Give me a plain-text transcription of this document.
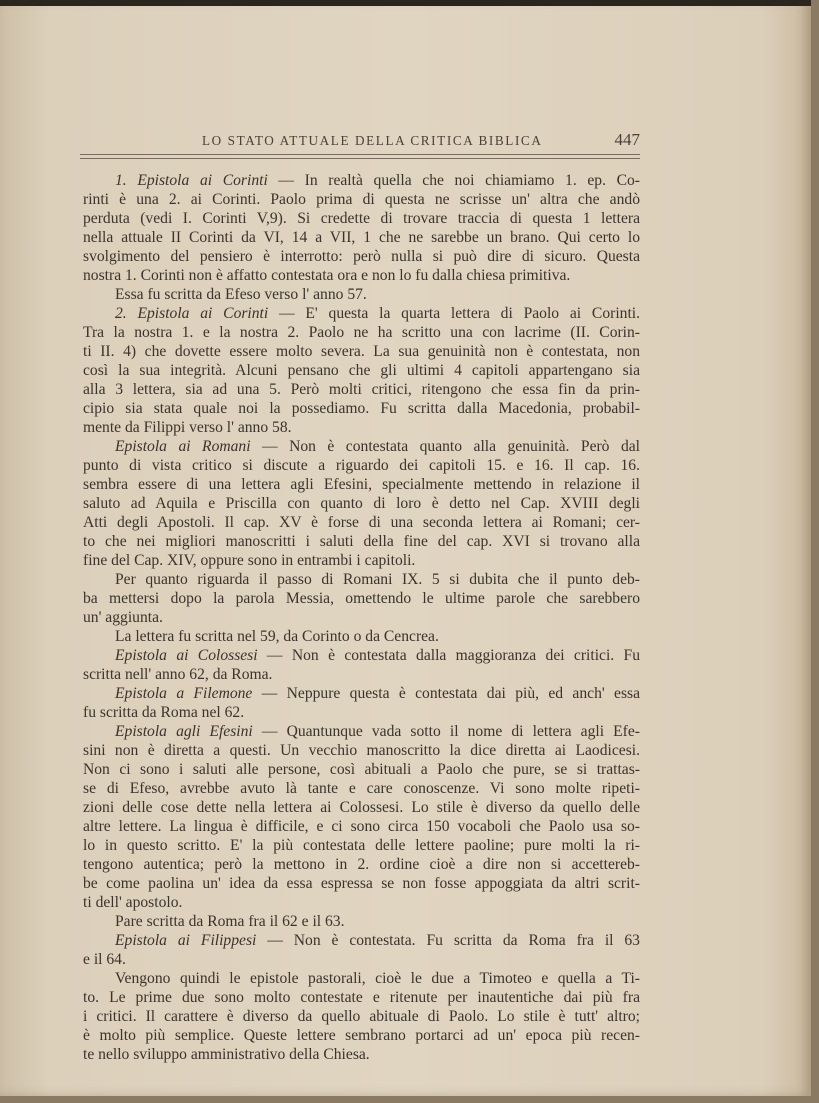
LO STATO ATTUALE DELLA CRITICA BIBLICA	447
1. Epistola ai Corinti — In realtà quella che noi chiamiamo 1. ep. Co-
rinti è una 2. ai Corinti. Paolo prima di questa ne scrisse un' altra che andò
perduta (vedi I. Corinti V,9). Si credette di trovare traccia di questa 1 lettera
nella attuale II Corinti da VI, 14 a VII, 1 che ne sarebbe un brano. Qui certo lo
svolgimento del pensiero è interrotto: però nulla si può dire di sicuro. Questa
nostra 1. Corinti non è affatto contestata ora e non lo fu dalla chiesa primitiva.
Essa fu scritta da Efeso verso l' anno 57.
2. Epistola ai Corinti — E' questa la quarta lettera di Paolo ai Corinti.
Tra la nostra 1. e la nostra 2. Paolo ne ha scritto una con lacrime (II. Corin-
ti II. 4) che dovette essere molto severa. La sua genuinità non è contestata, non
così la sua integrità. Alcuni pensano che gli ultimi 4 capitoli appartengano sia
alla 3 lettera, sia ad una 5. Però molti critici, ritengono che essa fin da prin-
cipio sia stata quale noi la possediamo. Fu scritta dalla Macedonia, probabil-
mente da Filippi verso l' anno 58.
Epistola ai Romani — Non è contestata quanto alla genuinità. Però dal
punto di vista critico si discute a riguardo dei capitoli 15. e 16. Il cap. 16.
sembra essere di una lettera agli Efesini, specialmente mettendo in relazione il
saluto ad Aquila e Priscilla con quanto di loro è detto nel Cap. XVIII degli
Atti degli Apostoli. Il cap. XV è forse di una seconda lettera ai Romani; cer-
to che nei migliori manoscritti i saluti della fine del cap. XVI si trovano alla
fine del Cap. XIV, oppure sono in entrambi i capitoli.
Per quanto riguarda il passo di Romani IX. 5 si dubita che il punto deb-
ba mettersi dopo la parola Messia, omettendo le ultime parole che sarebbero
un' aggiunta.
La lettera fu scritta nel 59, da Corinto o da Cencrea.
Epistola ai Colossesi — Non è contestata dalla maggioranza dei critici. Fu
scritta nell' anno 62, da Roma.
Epistola a Filemone — Neppure questa è contestata dai più, ed anch' essa
fu scritta da Roma nel 62.
Epistola agli Efesini — Quantunque vada sotto il nome di lettera agli Efe-
sini non è diretta a questi. Un vecchio manoscritto la dice diretta ai Laodicesi.
Non ci sono i saluti alle persone, così abituali a Paolo che pure, se si trattas-
se di Efeso, avrebbe avuto là tante e care conoscenze. Vi sono molte ripeti-
zioni delle cose dette nella lettera ai Colossesi. Lo stile è diverso da quello delle
altre lettere. La lingua è difficile, e ci sono circa 150 vocaboli che Paolo usa so-
lo in questo scritto. E' la più contestata delle lettere paoline; pure molti la ri-
tengono autentica; però la mettono in 2. ordine cioè a dire non si accettereb-
be come paolina un' idea da essa espressa se non fosse appoggiata da altri scrit-
ti dell' apostolo.
Pare scritta da Roma fra il 62 e il 63.
Epistola ai Filippesi — Non è contestata. Fu scritta da Roma fra il 63
e il 64.
Vengono quindi le epistole pastorali, cioè le due a Timoteo e quella a Ti-
to. Le prime due sono molto contestate e ritenute per inautentiche dai più fra
i critici. Il carattere è diverso da quello abituale di Paolo. Lo stile è tutt' altro;
è molto più semplice. Queste lettere sembrano portarci ad un' epoca più recen-
te nello sviluppo amministrativo della Chiesa.
